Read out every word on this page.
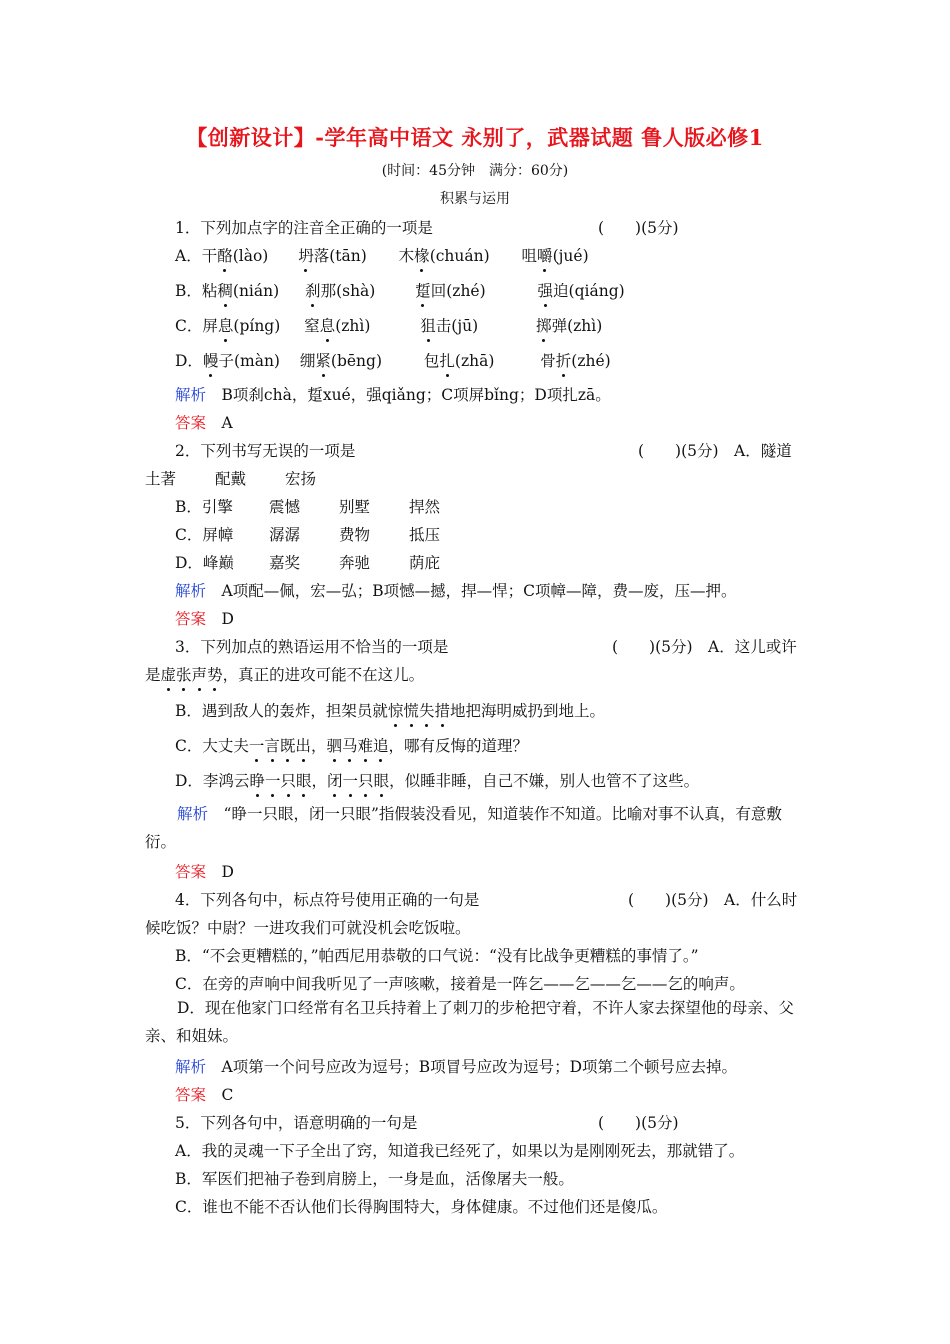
【创新设计】-学年高中语文 永别了，武器试题 鲁人版必修1
(时间：45分钟　满分：60分)
积累与运用
1．下列加点字的注音全正确的一项是	(　　)(5分)
A．干酪(lào) 坍落(tān) 木椽(chuán) 咀嚼(jué)
B．粘稠(nián) 刹那(shà)	踅回(zhé)	强迫(qiáng)
C．屏息(píng) 窒息(zhì)	狙击(jū)	掷弹(zhì)
D．幔子(màn) 绷紧(bēng)	包扎(zhā)	骨折(zhé)
解析　 B项刹chà，踅xué，强qiǎng；C项屏bǐng；D项扎zā。
答案　 A
2．下列书写无误的一项是	(　　)(5分)　A．隧道
土著	配戴	宏扬
B．引擎 震憾	别墅	捍然
C．屏幛 潺潺	费物	抵压
D．峰巅 嘉奖	奔驰	荫庇
解析　 A项配—佩，宏—弘；B项憾—撼，捍—悍；C项幛—障，费—废，压—押。
答案　 D
3．下列加点的熟语运用不恰当的一项是	(　　)(5分)　A．这儿或许
是虚张声势，真正的进攻可能不在这儿。
B．遇到敌人的轰炸，担架员就惊慌失措地把海明威扔到地上。
C．大丈夫一言既出，驷马难追，哪有反悔的道理？
D．李鸿云睁一只眼，闭一只眼，似睡非睡，自己不嫌，别人也管不了这些。
解析　 “睁一只眼，闭一只眼”指假装没看见，知道装作不知道。比喻对事不认真，有意敷衍。
答案　 D
4．下列各句中，标点符号使用正确的一句是	(　　)(5分)　A．什么时
候吃饭？中尉？一进攻我们可就没机会吃饭啦。
B．“不会更糟糕的，”帕西尼用恭敬的口气说：“没有比战争更糟糕的事情了。”
C．在旁的声响中间我听见了一声咳嗽，接着是一阵乞——乞——乞——乞的响声。
D．现在他家门口经常有名卫兵持着上了刺刀的步枪把守着，不许人家去探望他的母亲、父亲、和姐妹。
解析　 A项第一个问号应改为逗号；B项冒号应改为逗号；D项第二个顿号应去掉。
答案　 C
5．下列各句中，语意明确的一句是	(　　)(5分)
A．我的灵魂一下子全出了窍，知道我已经死了，如果以为是刚刚死去，那就错了。
B．军医们把袖子卷到肩膀上，一身是血，活像屠夫一般。
C．谁也不能不否认他们长得胸围特大，身体健康。不过他们还是傻瓜。
